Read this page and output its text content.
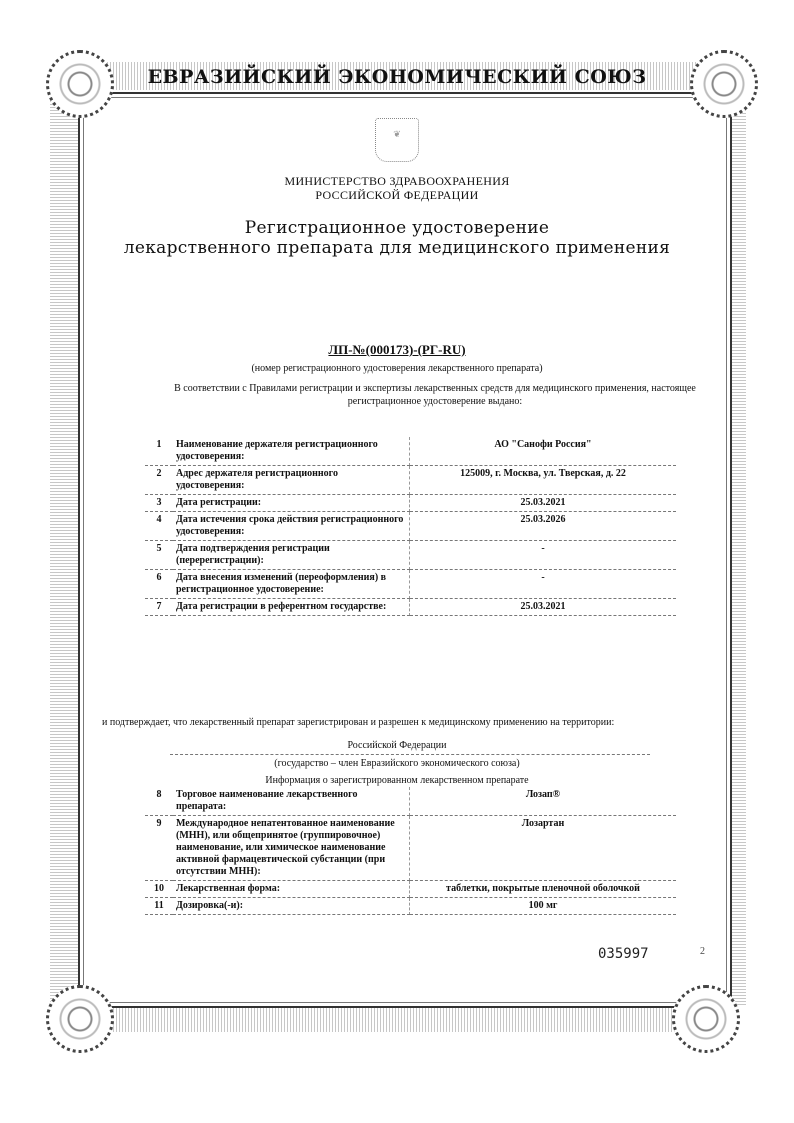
ЕВРАЗИЙСКИЙ ЭКОНОМИЧЕСКИЙ СОЮЗ
❦
МИНИСТЕРСТВО ЗДРАВООХРАНЕНИЯ
РОССИЙСКОЙ ФЕДЕРАЦИИ
Регистрационное удостоверение
лекарственного препарата для медицинского применения
ЛП-№(000173)-(РГ-RU)
(номер регистрационного удостоверения лекарственного препарата)
В соответствии с Правилами регистрации и экспертизы лекарственных средств для медицинского применения, настоящее регистрационное удостоверение выдано:
1	Наименование держателя регистрационного удостоверения:	АО "Санофи Россия"
2	Адрес держателя регистрационного удостоверения:	125009, г. Москва, ул. Тверская, д. 22
3	Дата регистрации:	25.03.2021
4	Дата истечения срока действия регистрационного удостоверения:	25.03.2026
5	Дата подтверждения регистрации (перерегистрации):	-
6	Дата внесения изменений (переоформления) в регистрационное удостоверение:	-
7	Дата регистрации в референтном государстве:	25.03.2021
и подтверждает, что лекарственный препарат зарегистрирован и разрешен к медицинскому применению на территории:
Российской Федерации
(государство – член Евразийского экономического союза)
Информация о зарегистрированном лекарственном препарате
8	Торговое наименование лекарственного препарата:	Лозап®
9	Международное непатентованное наименование (МНН), или общепринятое (группировочное) наименование, или химическое наименование активной фармацевтической субстанции (при отсутствии МНН):	Лозартан
10	Лекарственная форма:	таблетки, покрытые пленочной оболочкой
11	Дозировка(-и):	100 мг
035997	2
